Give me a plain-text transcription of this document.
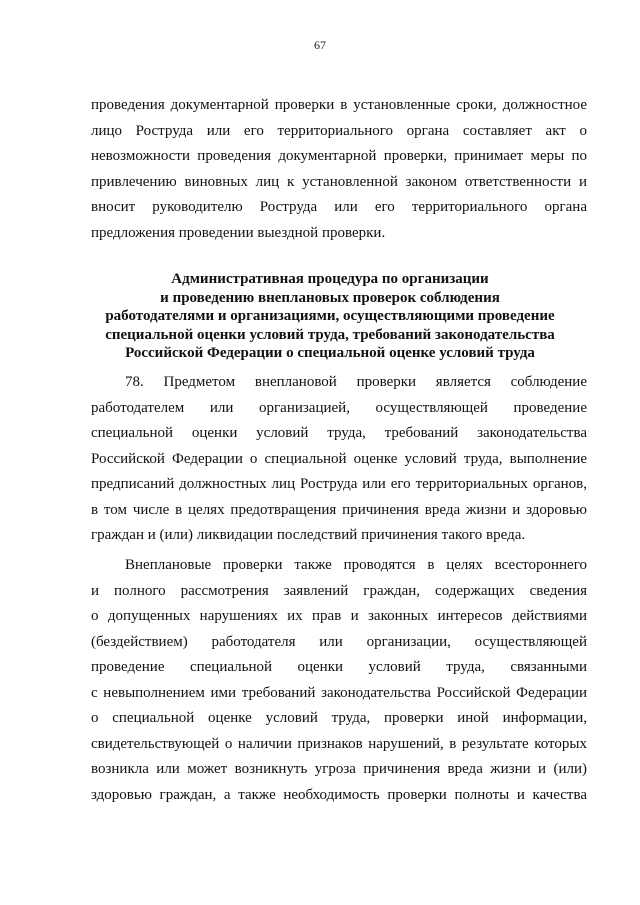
67
проведения документарной проверки в установленные сроки, должностное
лицо Роструда или его территориального органа составляет акт о
невозможности проведения документарной проверки, принимает меры по
привлечению виновных лиц к установленной законом ответственности и
вносит руководителю Роструда или его территориального органа
предложения проведении выездной проверки.
Административная процедура по организации
и проведению внеплановых проверок соблюдения
работодателями и организациями, осуществляющими проведение
специальной оценки условий труда, требований законодательства
Российской Федерации о специальной оценке условий труда
78. Предметом внеплановой проверки является соблюдение
работодателем или организацией, осуществляющей проведение
специальной оценки условий труда, требований законодательства
Российской Федерации о специальной оценке условий труда, выполнение
предписаний должностных лиц Роструда или его территориальных органов,
в том числе в целях предотвращения причинения вреда жизни и здоровью
граждан и (или) ликвидации последствий причинения такого вреда.
Внеплановые проверки также проводятся в целях всестороннего
и полного рассмотрения заявлений граждан, содержащих сведения
о допущенных нарушениях их прав и законных интересов действиями
(бездействием) работодателя или организации, осуществляющей
проведение специальной оценки условий труда, связанными
с невыполнением ими требований законодательства Российской Федерации
о специальной оценке условий труда, проверки иной информации,
свидетельствующей о наличии признаков нарушений, в результате которых
возникла или может возникнуть угроза причинения вреда жизни и (или)
здоровью граждан, а также необходимость проверки полноты и качества
